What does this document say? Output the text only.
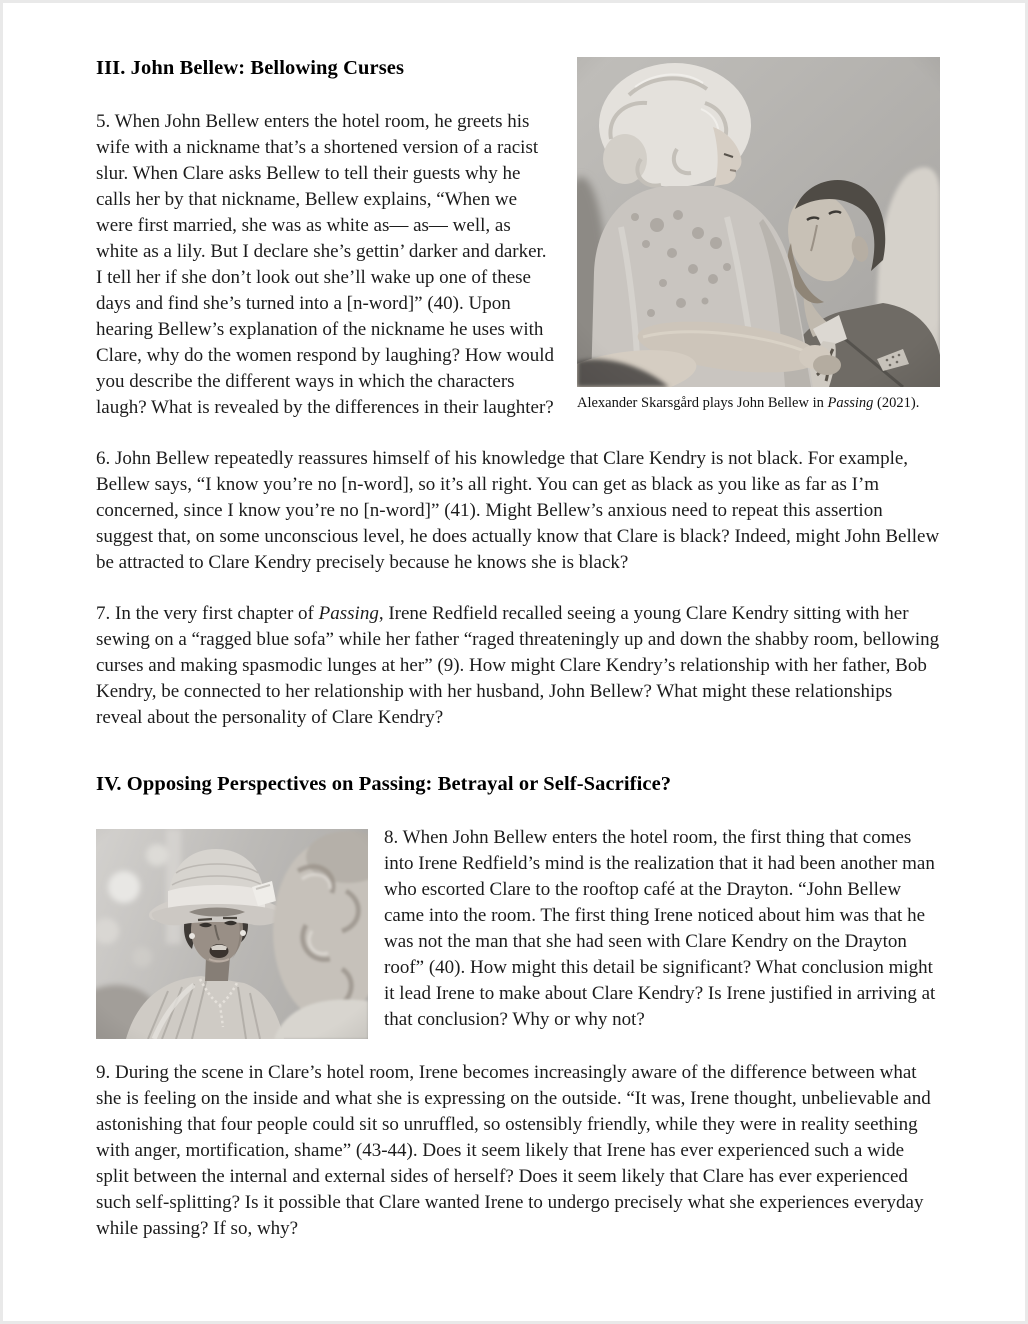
Alexander Skarsgård plays John Bellew in Passing (2021).
III. John Bellew: Bellowing Curses

5. When John Bellew enters the hotel room, he greets his wife with a nickname that’s a shortened version of a racist slur. When Clare asks Bellew to tell their guests why he calls her by that nickname, Bellew explains, “When we were first married, she was as white as— as— well, as white as a lily. But I declare she’s gettin’ darker and darker. I tell her if she don’t look out she’ll wake up one of these days and find she’s turned into a [n-word]” (40). Upon hearing Bellew’s explanation of the nickname he uses with Clare, why do the women respond by laughing? How would you describe the different ways in which the characters laugh? What is revealed by the differences in their laughter?

6. John Bellew repeatedly reassures himself of his knowledge that Clare Kendry is not black. For example, Bellew says, “I know you’re no [n-word], so it’s all right. You can get as black as you like as far as I’m concerned, since I know you’re no [n-word]” (41). Might Bellew’s anxious need to repeat this assertion suggest that, on some unconscious level, he does actually know that Clare is black? Indeed, might John Bellew be attracted to Clare Kendry precisely because he knows she is black?

7. In the very first chapter of Passing, Irene Redfield recalled seeing a young Clare Kendry sitting with her sewing on a “ragged blue sofa” while her father “raged threateningly up and down the shabby room, bellowing curses and making spasmodic lunges at her” (9). How might Clare Kendry’s relationship with her father, Bob Kendry, be connected to her relationship with her husband, John Bellew? What might these relationships reveal about the personality of Clare Kendry?

IV. Opposing Perspectives on Passing: Betrayal or Self-Sacrifice?

8. When John Bellew enters the hotel room, the first thing that comes into Irene Redfield’s mind is the realization that it had been another man who escorted Clare to the rooftop café at the Drayton. “John Bellew came into the room. The first thing Irene noticed about him was that he was not the man that she had seen with Clare Kendry on the Drayton roof” (40). How might this detail be significant? What conclusion might it lead Irene to make about Clare Kendry? Is Irene justified in arriving at that conclusion? Why or why not?

9. During the scene in Clare’s hotel room, Irene becomes increasingly aware of the difference between what she is feeling on the inside and what she is expressing on the outside. “It was, Irene thought, unbelievable and astonishing that four people could sit so unruffled, so ostensibly friendly, while they were in reality seething with anger, mortification, shame” (43-44). Does it seem likely that Irene has ever experienced such a wide split between the internal and external sides of herself? Does it seem likely that Clare has ever experienced such self-splitting? Is it possible that Clare wanted Irene to undergo precisely what she experiences everyday while passing? If so, why?
